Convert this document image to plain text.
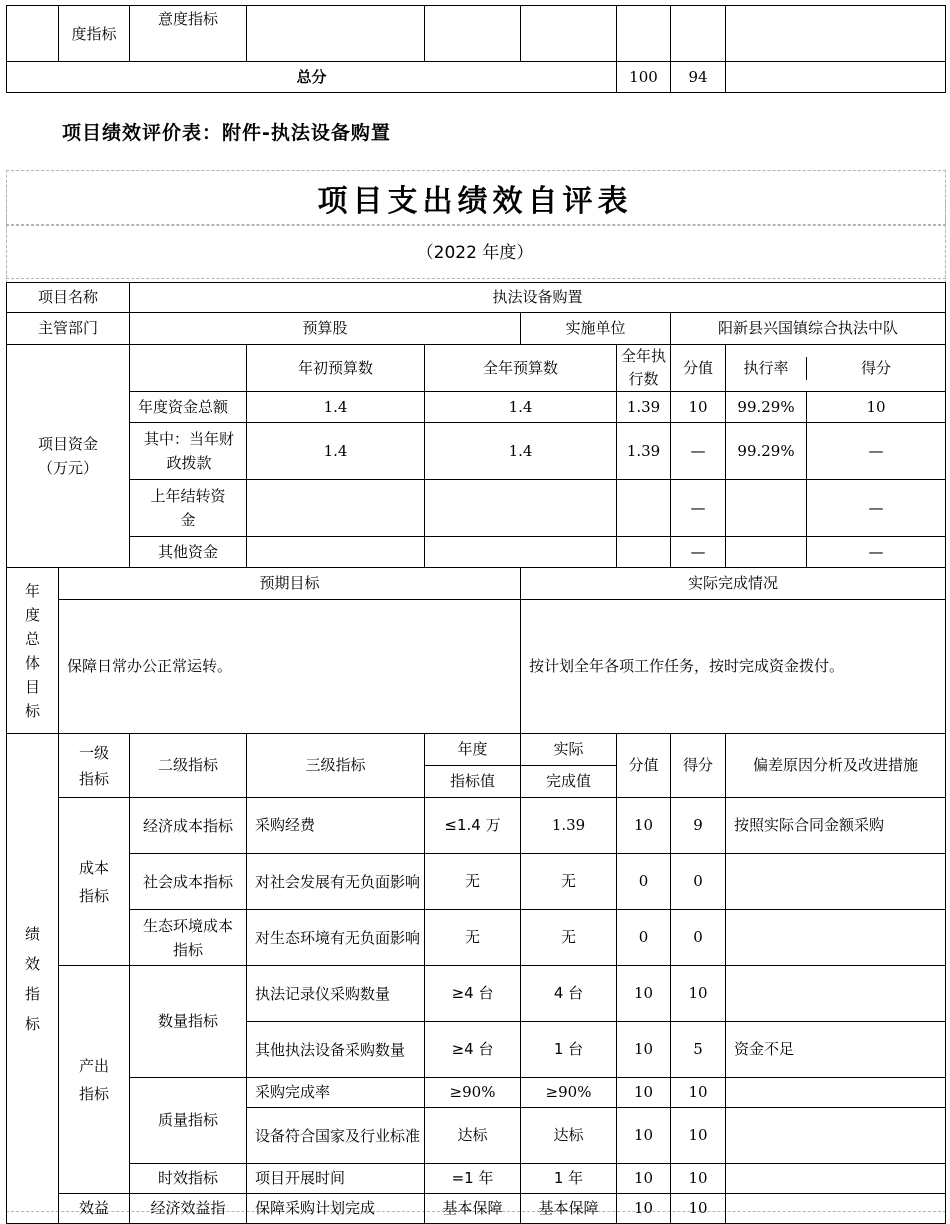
	度指标	意度指标						
总分						100	94	
项目绩效评价表：附件-执法设备购置
项目支出绩效自评表
（2022 年度）
项目名称		执法设备购置						
主管部门		预算股			实施单位		阳新县兴国镇综合执法中队	
项目资金（万元）			年初预算数	全年预算数		全年执行数	分值	执行率 得分

		年度资金总额	1.4	1.4		1.39	10	99.29% 10

		其中：当年财政拨款	1.4	1.4		1.39	—	99.29% —

		上年结转资金					—	—

		其他资金					—	—

年度总体目标	预期目标				实际完成情况			
	保障日常办公正常运转。				按计划全年各项工作任务，按时完成资金拨付。			
绩效指标	一级指标	二级指标	三级指标	年度	实际	分值	得分	偏差原因分析及改进措施
				指标值	完成值			
	成本指标	经济成本指标	采购经费	≤1.4 万	1.39	10	9	按照实际合同金额采购
		社会成本指标	对社会发展有无负面影响	无	无	0	0	
		生态环境成本指标	对生态环境有无负面影响	无	无	0	0	
	产出指标	数量指标	执法记录仪采购数量	≥4 台	4 台	10	10	
			其他执法设备采购数量	≥4 台	1 台	10	5	资金不足
		质量指标	采购完成率	≥90%	≥90%	10	10	
			设备符合国家及行业标准	达标	达标	10	10	
		时效指标	项目开展时间	=1 年	1 年	10	10	
	效益	经济效益指	保障采购计划完成	基本保障	基本保障	10	10	
